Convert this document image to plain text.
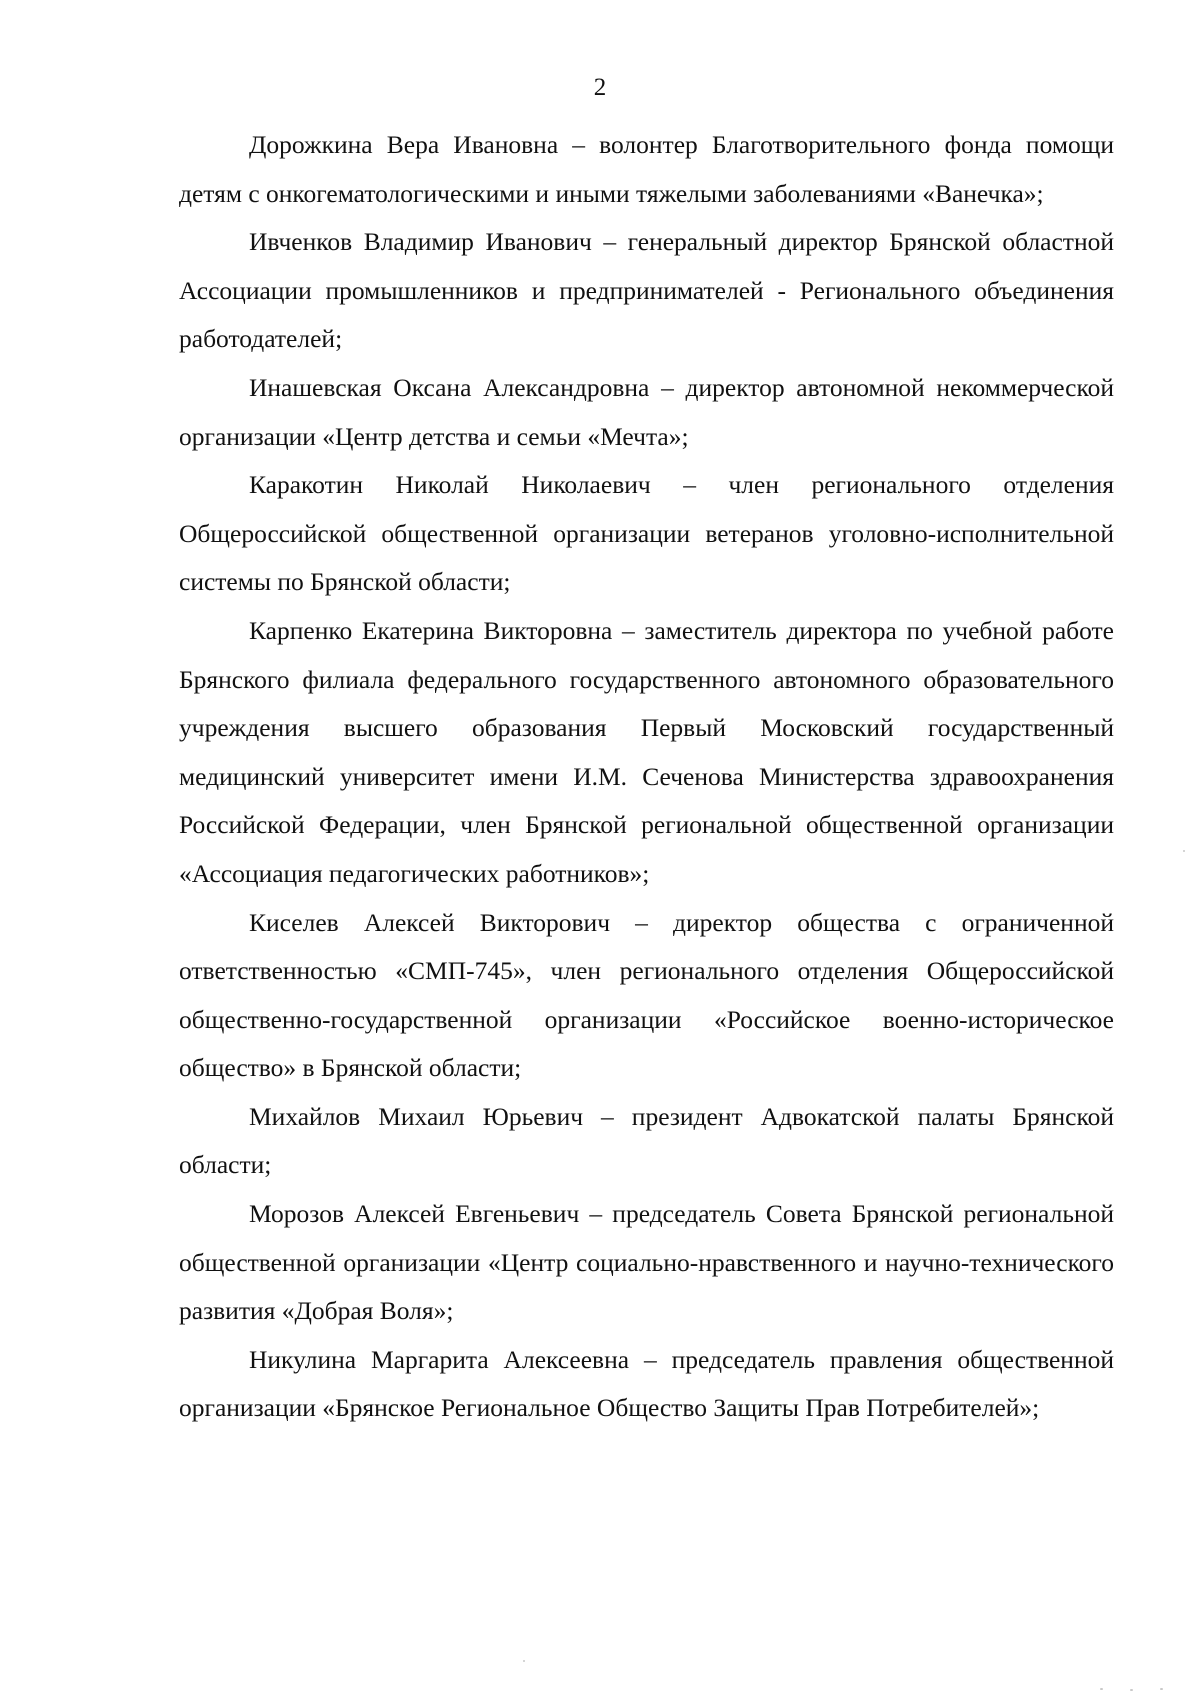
2

Дорожкина Вера Ивановна – волонтер Благотворительного фонда помощи детям с онкогематологическими и иными тяжелыми заболеваниями «Ванечка»;

Ивченков Владимир Иванович – генеральный директор Брянской областной Ассоциации промышленников и предпринимателей - Регионального объединения работодателей;

Инашевская Оксана Александровна – директор автономной некоммерческой организации «Центр детства и семьи «Мечта»;

Каракотин Николай Николаевич – член регионального отделения Общероссийской общественной организации ветеранов уголовно-исполнительной системы по Брянской области;

Карпенко Екатерина Викторовна – заместитель директора по учебной работе Брянского филиала федерального государственного автономного образовательного учреждения высшего образования Первый Московский государственный медицинский университет имени И.М. Сеченова Министерства здравоохранения Российской Федерации, член Брянской региональной общественной организации «Ассоциация педагогических работников»;

Киселев Алексей Викторович – директор общества с ограниченной ответственностью «СМП-745», член регионального отделения Общероссийской общественно-государственной организации «Российское военно-историческое общество» в Брянской области;

Михайлов Михаил Юрьевич – президент Адвокатской палаты Брянской области;

Морозов Алексей Евгеньевич – председатель Совета Брянской региональной общественной организации «Центр социально-нравственного и научно-технического развития «Добрая Воля»;

Никулина Маргарита Алексеевна – председатель правления общественной организации «Брянское Региональное Общество Защиты Прав Потребителей»;
